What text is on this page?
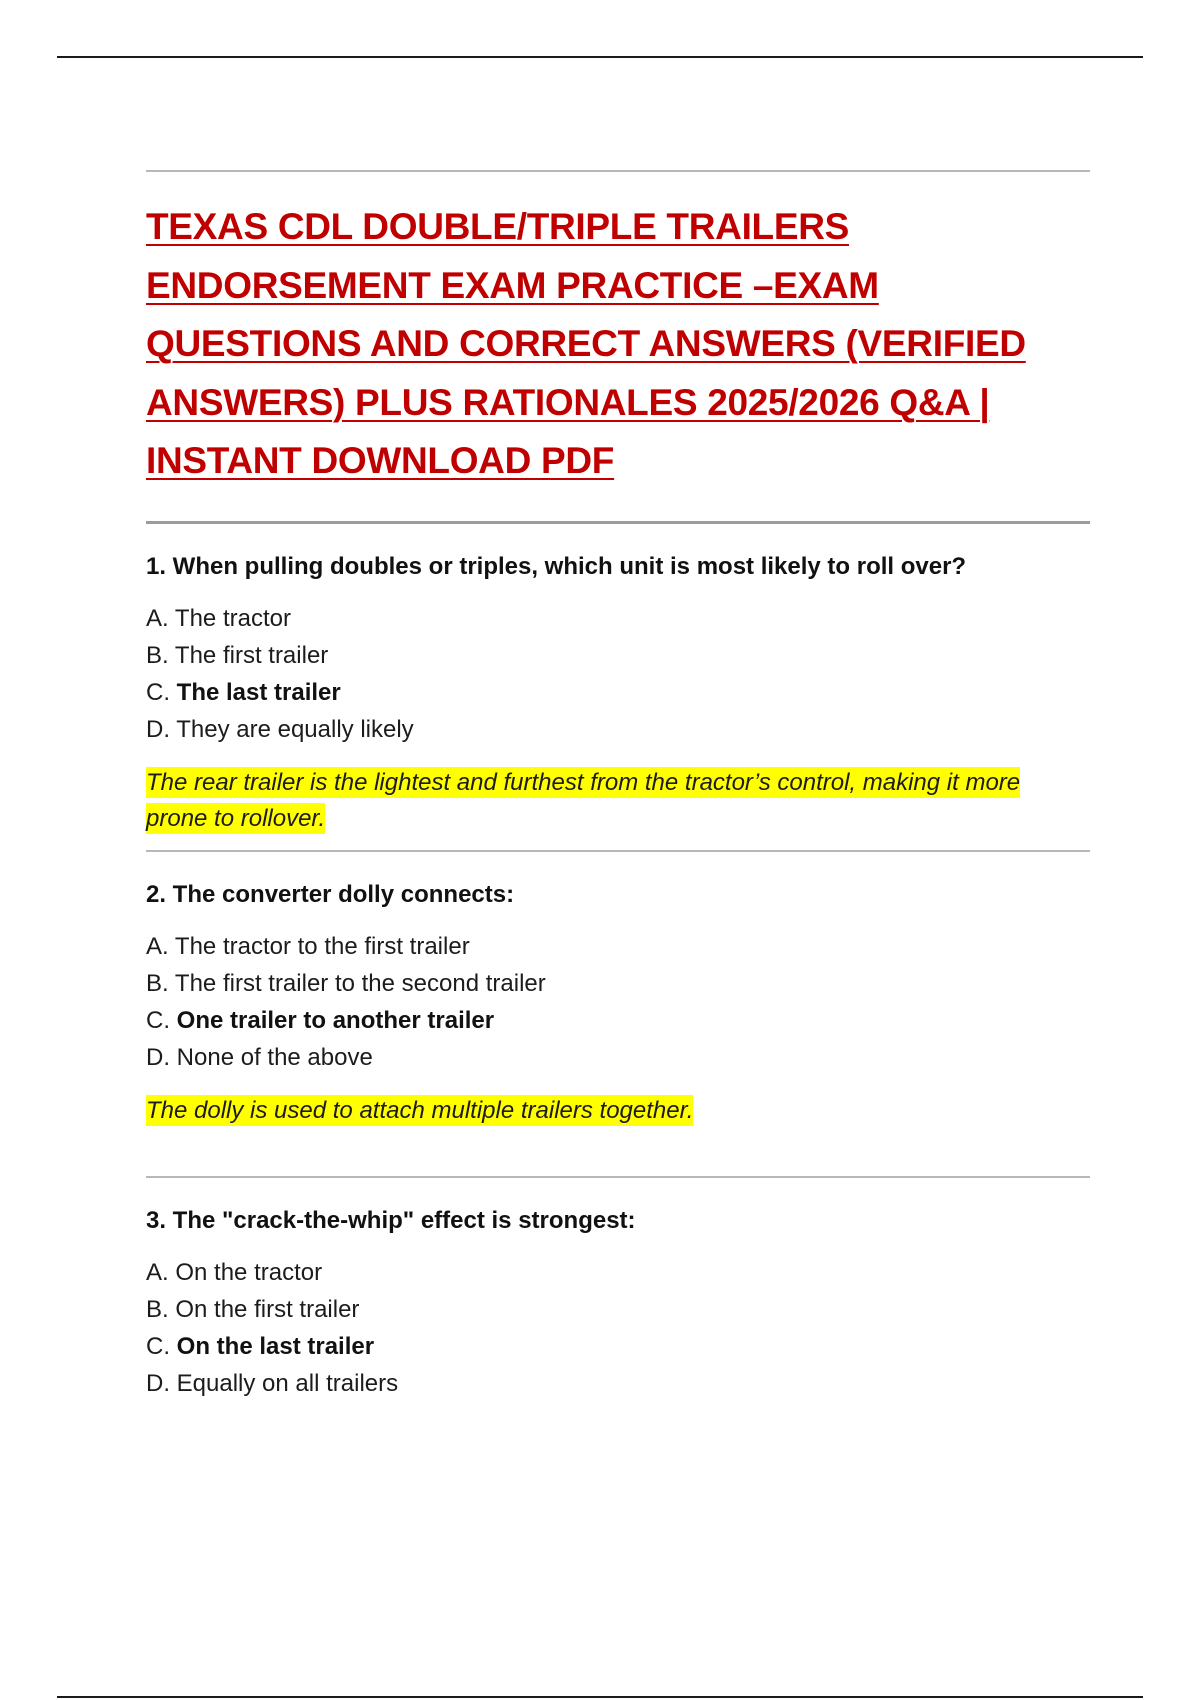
TEXAS CDL DOUBLE/TRIPLE TRAILERS ENDORSEMENT EXAM PRACTICE –EXAM QUESTIONS AND CORRECT ANSWERS (VERIFIED ANSWERS) PLUS RATIONALES 2025/2026 Q&A | INSTANT DOWNLOAD PDF

1. When pulling doubles or triples, which unit is most likely to roll over?

A. The tractor
B. The first trailer
C. The last trailer
D. They are equally likely

The rear trailer is the lightest and furthest from the tractor’s control, making it more prone to rollover.

2. The converter dolly connects:

A. The tractor to the first trailer
B. The first trailer to the second trailer
C. One trailer to another trailer
D. None of the above

The dolly is used to attach multiple trailers together.

3. The "crack-the-whip" effect is strongest:

A. On the tractor
B. On the first trailer
C. On the last trailer
D. Equally on all trailers
